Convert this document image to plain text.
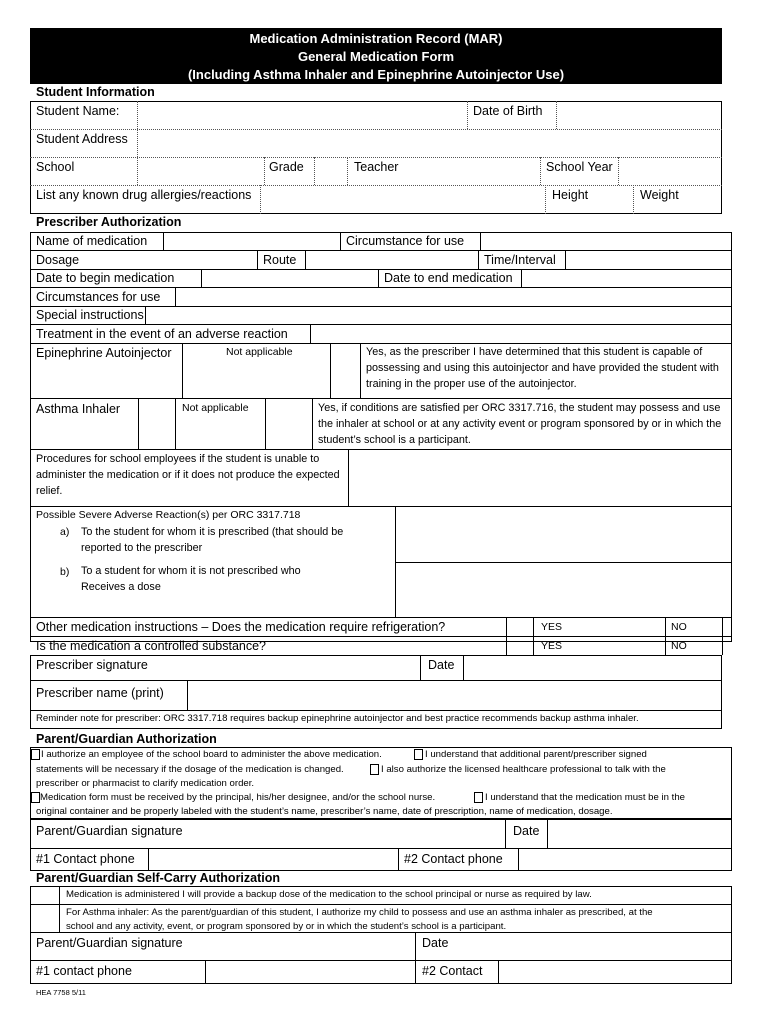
Medication Administration Record (MAR)
General Medication Form
(Including Asthma Inhaler and Epinephrine Autoinjector Use)
Student Information
Student Name:	Date of Birth
Student Address
School	Grade	Teacher	School Year
List any known drug allergies/reactions	Height	Weight
Prescriber Authorization
Name of medication	Circumstance for use
Dosage	Route	Time/Interval
Date to begin medication	Date to end medication
Circumstances for use
Special instructions
Treatment in the event of an adverse reaction
Epinephrine Autoinjector	Not applicable	Yes, as the prescriber I have determined that this student is capable of possessing and using this autoinjector and have provided the student with training in the proper use of the autoinjector.
Asthma Inhaler	Not applicable	Yes, if conditions are satisfied per ORC 3317.716, the student may possess and use the inhaler at school or at any activity event or program sponsored by or in which the student’s school is a participant.
Procedures for school employees if the student is unable to administer the medication or if it does not produce the expected relief.
Possible Severe Adverse Reaction(s) per ORC 3317.718
a) To the student for whom it is prescribed (that should be reported to the prescriber
b) To a student for whom it is not prescribed who Receives a dose
Other medication instructions – Does the medication require refrigeration?	YES	NO
Is the medication a controlled substance?	YES	NO
Prescriber signature	Date
Prescriber name (print)
Reminder note for prescriber: ORC 3317.718 requires backup epinephrine autoinjector and best practice recommends backup asthma inhaler.
Parent/Guardian Authorization
I authorize an employee of the school board to administer the above medication.	I understand that additional parent/prescriber signed
statements will be necessary if the dosage of the medication is changed.	I also authorize the licensed healthcare professional to talk with the
prescriber or pharmacist to clarify medication order.
Medication form must be received by the principal, his/her designee, and/or the school nurse.	I understand that the medication must be in the
original container and be properly labeled with the student’s name, prescriber’s name, date of prescription, name of medication, dosage.
Parent/Guardian signature	Date
#1 Contact phone	#2 Contact phone
Parent/Guardian Self-Carry Authorization
Medication is administered I will provide a backup dose of the medication to the school principal or nurse as required by law.
For Asthma inhaler: As the parent/guardian of this student, I authorize my child to possess and use an asthma inhaler as prescribed, at the
school and any activity, event, or program sponsored by or in which the student’s school is a participant.
Parent/Guardian signature	Date
#1 contact phone	#2 Contact
HEA 7758 5/11
